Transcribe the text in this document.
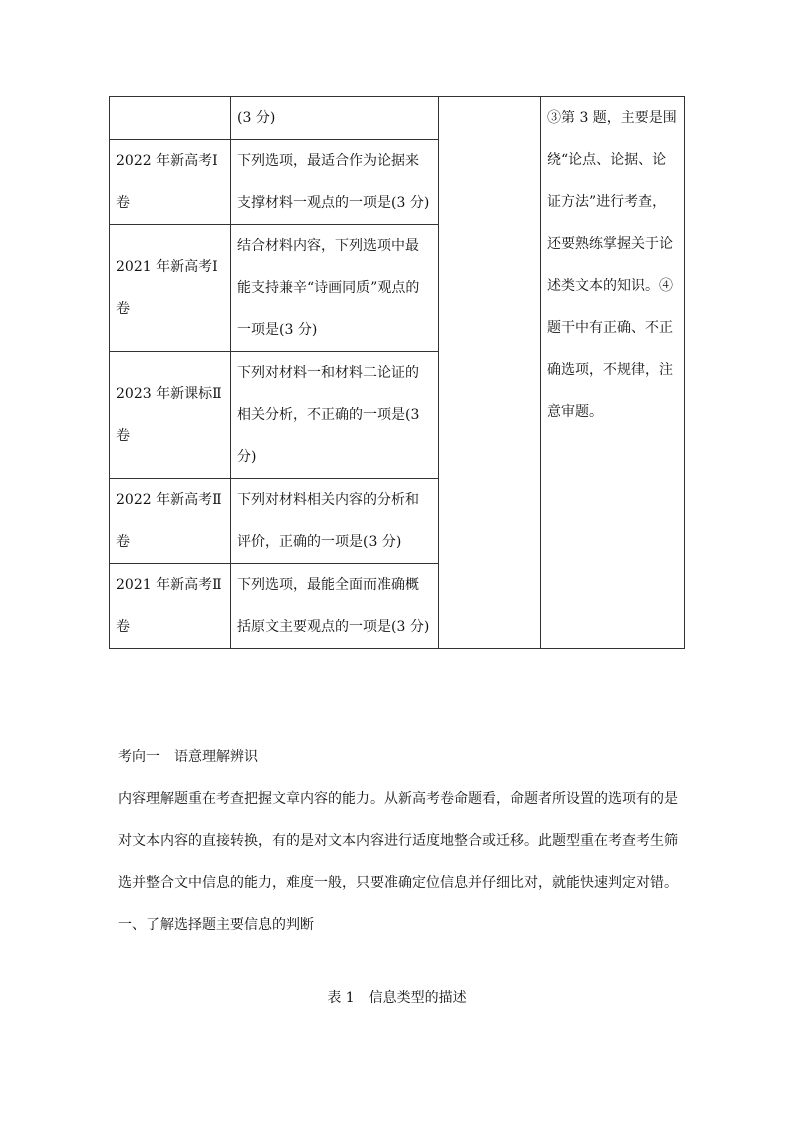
	(3 分)		③第 3 题，主要是围绕“论点、论据、论证方法”进行考查，还要熟练掌握关于论述类文本的知识。④题干中有正确、不正确选项，不规律，注意审题。
2022 年新高考Ⅰ卷	下列选项，最适合作为论据来支撑材料一观点的一项是(3 分)		
2021 年新高考Ⅰ卷	结合材料内容，下列选项中最能支持兼辛“诗画同质”观点的一项是(3 分)		
2023 年新课标Ⅱ卷	下列对材料一和材料二论证的相关分析，不正确的一项是(3 分)		
2022 年新高考Ⅱ卷	下列对材料相关内容的分析和评价，正确的一项是(3 分)		
2021 年新高考Ⅱ卷	下列选项，最能全面而准确概括原文主要观点的一项是(3 分)		

考向一　语意理解辨识

内容理解题重在考查把握文章内容的能力。从新高考卷命题看，命题者所设置的选项有的是对文本内容的直接转换，有的是对文本内容进行适度地整合或迁移。此题型重在考查考生筛选并整合文中信息的能力，难度一般，只要准确定位信息并仔细比对，就能快速判定对错。

一、了解选择题主要信息的判断

表 1　信息类型的描述
